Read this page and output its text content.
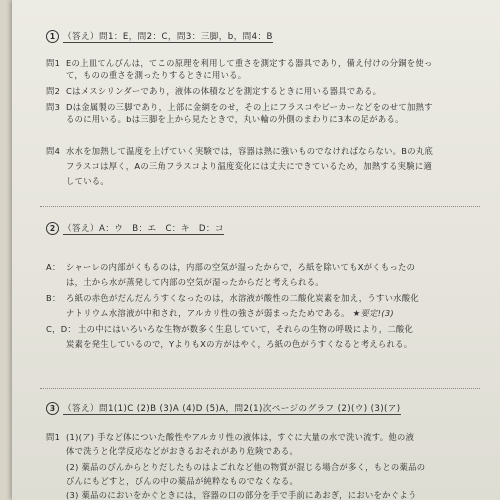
1 （答え）問1：E，問2：C，問3：三脚，b，問4：B
問1 Eの上皿てんびんは，てこの原理を利用して重さを測定する器具であり，備え付けの分銅を使っ
て，ものの重さを測ったりするときに用いる。
問2 Cはメスシリンダーであり，液体の体積などを測定するときに用いる器具である。
問3 Dは金属製の三脚であり，上部に金網をのせ，その上にフラスコやビーカーなどをのせて加熱す
るのに用いる。bは三脚を上から見たときで，丸い輪の外側のまわりに3本の足がある。
問4 水水を加熱して温度を上げていく実験では，容器は熱に強いものでなければならない。Bの丸底
フラスコは厚く，Aの三角フラスコより温度変化には丈夫にできているため，加熱する実験に適
している。
2 （答え）A：ウ　B：エ　C：キ　D：コ
A： シャーレの内部がくもるのは，内部の空気が湿ったからで，ろ紙を除いてもXがくもったの
は，土から水が蒸発して内部の空気が湿ったからだと考えられる。
B： ろ紙の赤色がだんだんうすくなったのは，水溶液が酸性の二酸化炭素を加え，うすい水酸化
ナトリウム水溶液が中和され，アルカリ性の強さが弱まったためである。 ★要定!(3)
C，D： 土の中にはいろいろな生物が数多く生息していて，それらの生物の呼吸により，二酸化
炭素を発生しているので，YよりもXの方がはやく，ろ紙の色がうすくなると考えられる。
3 （答え）問1(1)C (2)B (3)A (4)D (5)A，問2(1)次ページのグラフ (2)(ウ) (3)(ア)
問1 (1)(ア) 手など体についた酸性やアルカリ性の液体は，すぐに大量の水で洗い流す。他の液
体で洗うと化学反応などがおきるおそれがあり危険である。
(2) 薬品のびんからとりだしたものはよごれなど他の物質が混じる場合が多く，もとの薬品の
びんにもどすと，びんの中の薬品が純粋なものでなくなる。
(3) 薬品のにおいをかぐときには，容器の口の部分を手で手前にあおぎ，においをかぐよう
